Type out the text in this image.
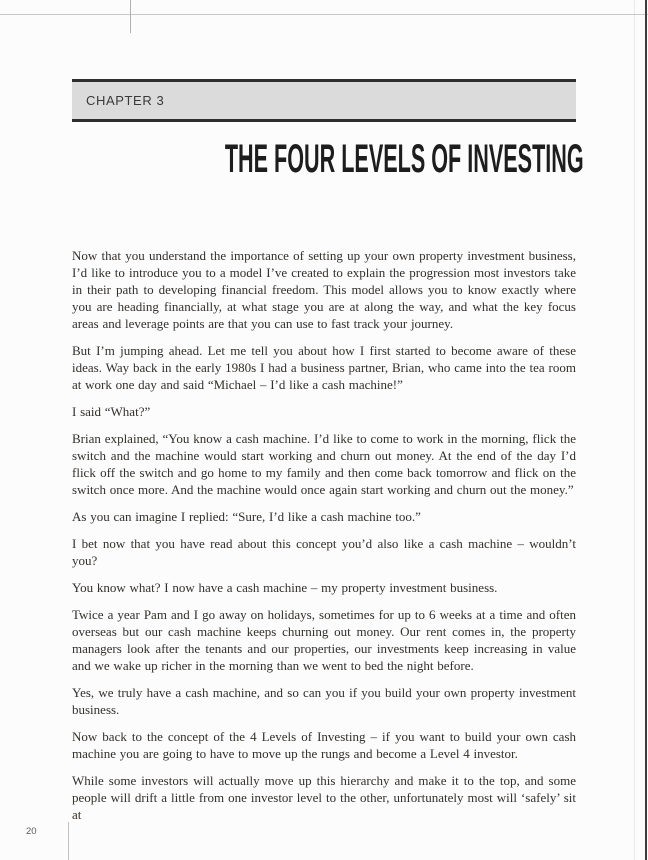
CHAPTER 3
THE FOUR LEVELS OF INVESTING

Now that you understand the importance of setting up your own property investment business, I’d like to introduce you to a model I’ve created to explain the progression most investors take in their path to developing financial freedom. This model allows you to know exactly where you are heading financially, at what stage you are at along the way, and what the key focus areas and leverage points are that you can use to fast track your journey.

But I’m jumping ahead. Let me tell you about how I first started to become aware of these ideas. Way back in the early 1980s I had a business partner, Brian, who came into the tea room at work one day and said “Michael – I’d like a cash machine!”

I said “What?”

Brian explained, “You know a cash machine. I’d like to come to work in the morning, flick the switch and the machine would start working and churn out money. At the end of the day I’d flick off the switch and go home to my family and then come back tomorrow and flick on the switch once more. And the machine would once again start working and churn out the money.”

As you can imagine I replied: “Sure, I’d like a cash machine too.”

I bet now that you have read about this concept you’d also like a cash machine – wouldn’t you?

You know what? I now have a cash machine – my property investment business.

Twice a year Pam and I go away on holidays, sometimes for up to 6 weeks at a time and often overseas but our cash machine keeps churning out money. Our rent comes in, the property managers look after the tenants and our properties, our investments keep increasing in value and we wake up richer in the morning than we went to bed the night before.

Yes, we truly have a cash machine, and so can you if you build your own property investment business.

Now back to the concept of the 4 Levels of Investing – if you want to build your own cash machine you are going to have to move up the rungs and become a Level 4 investor.

While some investors will actually move up this hierarchy and make it to the top, and some people will drift a little from one investor level to the other, unfortunately most will ‘safely’ sit at

20
